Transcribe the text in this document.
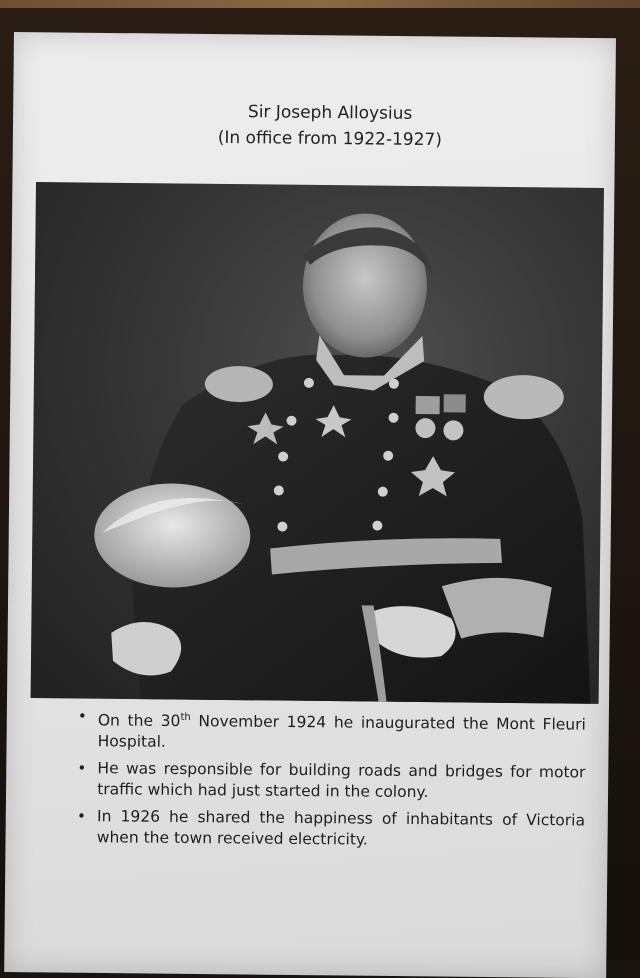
Sir Joseph Alloysius
(In office from 1922-1927)
• On the 30th November 1924 he inaugurated the Mont Fleuri Hospital.
• He was responsible for building roads and bridges for motor traffic which had just started in the colony.
• In 1926 he shared the happiness of inhabitants of Victoria when the town received electricity.
